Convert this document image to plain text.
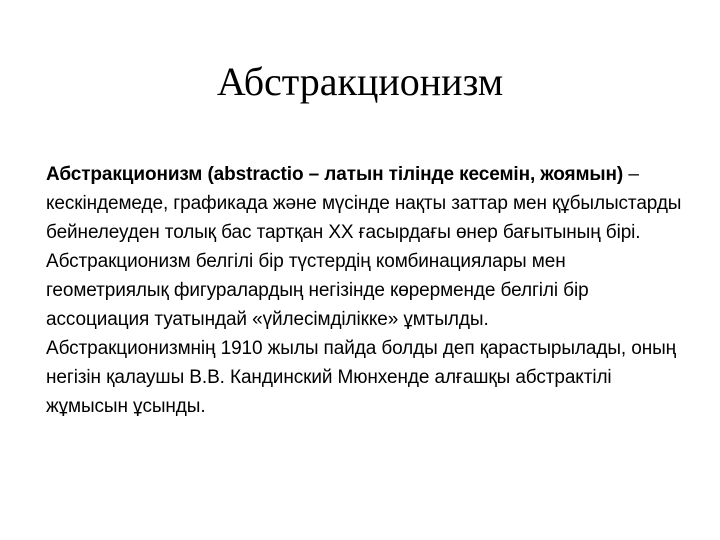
Абстракционизм

Абстракционизм (abstractio – латын тілінде кесемін, жоямын) – кескіндемеде, графикада және мүсінде нақты заттар мен құбылыстарды бейнелеуден толық бас тартқан XX ғасырдағы өнер бағытының бірі.

Абстракционизм белгілі бір түстердің комбинациялары мен геометриялық фигуралардың негізінде көрерменде белгілі бір ассоциация туатындай «үйлесімділікке» ұмтылды.

Абстракционизмнің 1910 жылы пайда болды деп қарастырылады, оның негізін қалаушы В.В. Кандинский Мюнхенде алғашқы абстрактілі жұмысын ұсынды.
